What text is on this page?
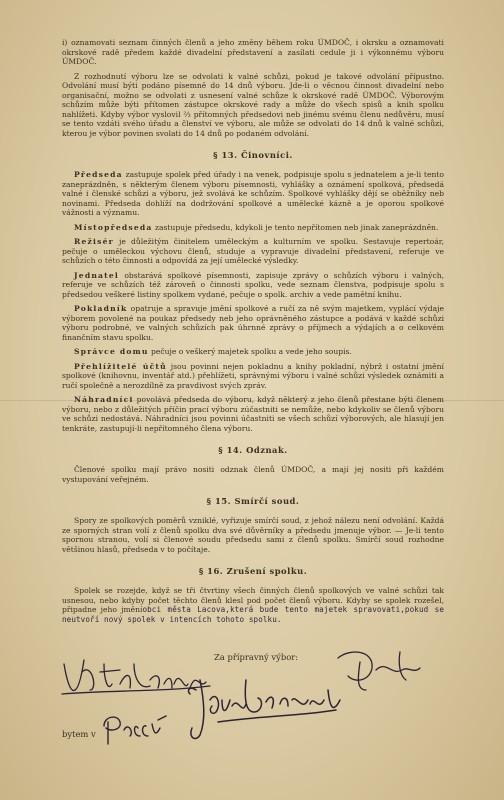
i) oznamovati seznam činných členů a jeho změny během roku ÚMDOČ, i okrsku a oznamovati okrskové radě předem každé divadelní představení a zasílati cedule ji i výkonnému výboru ÚMDOČ.

Z rozhodnutí výboru lze se odvolati k valné schůzi, pokud je takové odvolání přípustno. Odvolání musí býti podáno písemně do 14 dnů výboru. Jde-li o věcnou činnost divadelní nebo organisační, možno se odvolati z usnesení valné schůze k okrskové radě ÚMDOČ. Výborovým schůzím může býti přítomen zástupce okrskové rady a může do všech spisů a knih spolku nahlížeti. Kdyby výbor vyslovil ⅔ přítomných předsedovi neb jinému svému členu nedůvěru, musí se tento vzdáti svého úřadu a členství ve výboru, ale může se odvolati do 14 dnů k valné schůzi, kterou je výbor povinen svolati do 14 dnů po podaném odvolání.

§ 13. Činovníci.

Předseda zastupuje spolek před úřady i na venek, podpisuje spolu s jednatelem a je-li tento zaneprázdněn, s některým členem výboru písemnosti, vyhlášky a oznámení spolková, předsedá valné i členské schůzi a výboru, jež svolává ke schůzím. Spolkové vyhlášky dějí se oběžníky neb novinami. Předseda dohlíží na dodržování spolkové a umělecké kázně a je oporou spolkové vážnosti a významu.

Místopředseda zastupuje předsedu, kdykoli je tento nepřítomen neb jinak zaneprázdněn.

Režisér je důležitým činitelem uměleckým a kulturním ve spolku. Sestavuje repertoár, pečuje o uměleckou výchovu členů, studuje a vypravuje divadelní představení, referuje ve schůzích o této činnosti a odpovídá za její umělecké výsledky.

Jednatel obstarává spolkové písemnosti, zapisuje zprávy o schůzích výboru i valných, referuje ve schůzích též zároveň o činnosti spolku, vede seznam členstva, podpisuje spolu s předsedou veškeré listiny spolkem vydané, pečuje o spolk. archiv a vede pamětní knihu.

Pokladník opatruje a spravuje jmění spolkové a ručí za ně svým majetkem, vyplácí výdaje výborem povolené na poukaz předsedy neb jeho oprávněného zástupce a podává v každé schůzi výboru podrobné, ve valných schůzích pak úhrnné zprávy o příjmech a výdajích a o celkovém finančním stavu spolku.

Správce domu pečuje o veškerý majetek spolku a vede jeho soupis.

Přehlížitelé účtů jsou povinni nejen pokladnu a knihy pokladní, nýbrž i ostatní jmění spolkové (knihovnu, inventář atd.) přehlížeti, správnými výboru i valné schůzi výsledek oznámiti a ručí společně a nerozdílně za pravdivost svých zpráv.

Náhradníci povolává předseda do výboru, když některý z jeho členů přestane býti členem výboru, nebo z důležitých příčin prací výboru zúčastniti se nemůže, nebo kdykoliv se členů výboru ve schůzi nedostává. Náhradníci jsou povinni účastniti se všech schůzí výborových, ale hlasují jen tenkráte, zastupují-li nepřítomného člena výboru.

§ 14. Odznak.

Členové spolku mají právo nositi odznak členů ÚMDOČ, a mají jej nositi při každém vystupování veřejném.

§ 15. Smírčí soud.

Spory ze spolkových poměrů vzniklé, vyřizuje smírčí soud, z jehož nálezu není odvolání. Každá ze sporných stran volí z členů spolku dva své důvěrníky a předsedu jmenuje výbor. — Je-li tento spornou stranou, volí si členové soudu předsedu sami z členů spolku. Smírčí soud rozhodne většinou hlasů, předseda v to počítaje.

§ 16. Zrušení spolku.

Spolek se rozejde, když se tři čtvrtiny všech činných členů spolkových ve valné schůzi tak usnesou, nebo kdyby počet těchto členů klesl pod počet členů výboru. Kdyby se spolek rozešel, připadne jeho jměníobci města Lacova,která bude tento majetek spravovati,pokud se neutvoří nový spolek v intencích tohoto spolku.

Za přípravný výbor:
bytem v
